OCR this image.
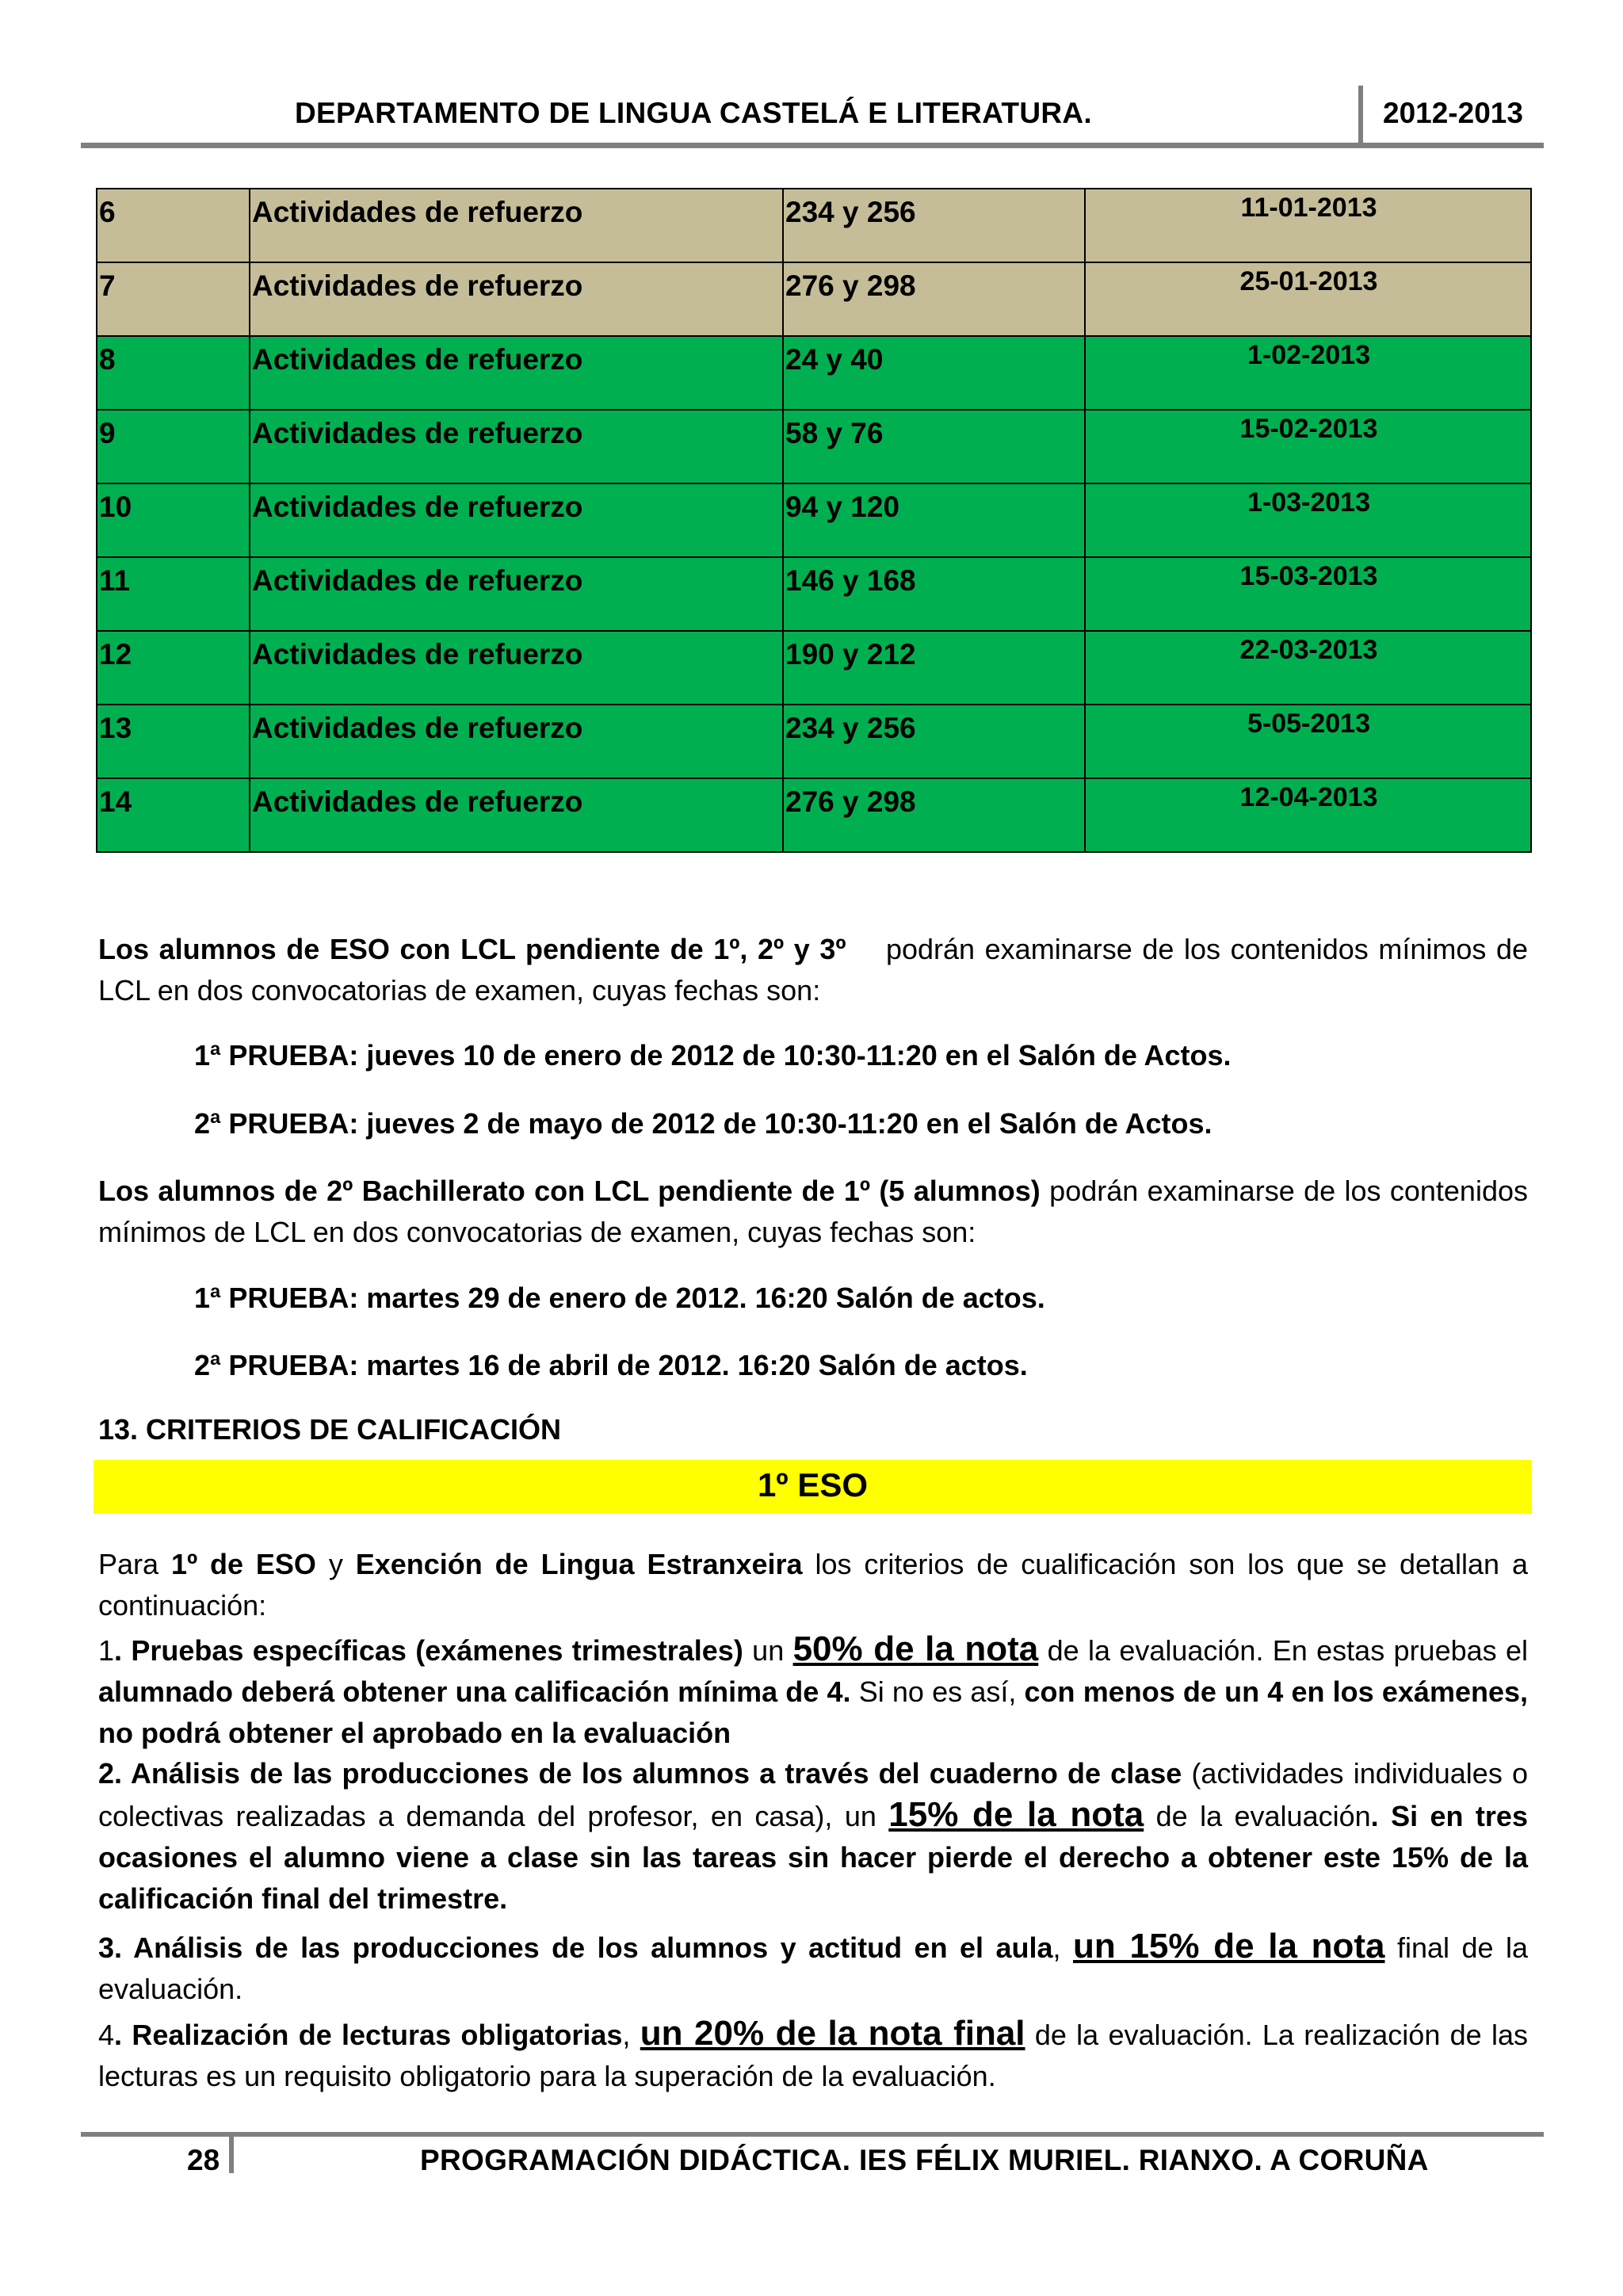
DEPARTAMENTO DE LINGUA CASTELÁ E LITERATURA.	2012-2013
6	Actividades de refuerzo	234 y 256	11-01-2013

7	Actividades de refuerzo	276 y 298	25-01-2013

8	Actividades de refuerzo	24 y 40	1-02-2013

9	Actividades de refuerzo	58 y 76	15-02-2013

10	Actividades de refuerzo	94 y 120	1-03-2013

11	Actividades de refuerzo	146 y 168	15-03-2013

12	Actividades de refuerzo	190 y 212	22-03-2013

13	Actividades de refuerzo	234 y 256	5-05-2013

14	Actividades de refuerzo	276 y 298	12-04-2013
Los alumnos de ESO con LCL pendiente de 1º, 2º y 3º podrán examinarse de los contenidos mínimos de LCL en dos convocatorias de examen, cuyas fechas son:
1ª PRUEBA: jueves 10 de enero de 2012 de 10:30-11:20 en el Salón de Actos.
2ª PRUEBA: jueves 2 de mayo de 2012 de 10:30-11:20 en el Salón de Actos.
Los alumnos de 2º Bachillerato con LCL pendiente de 1º (5 alumnos) podrán examinarse de los contenidos mínimos de LCL en dos convocatorias de examen, cuyas fechas son:
1ª PRUEBA: martes 29 de enero de 2012. 16:20 Salón de actos.
2ª PRUEBA: martes 16 de abril de 2012. 16:20 Salón de actos.
13. CRITERIOS DE CALIFICACIÓN
1º ESO
Para 1º de ESO y Exención de Lingua Estranxeira los criterios de cualificación son los que se detallan a continuación:
1. Pruebas específicas (exámenes trimestrales) un 50% de la nota de la evaluación. En estas pruebas el alumnado deberá obtener una calificación mínima de 4. Si no es así, con menos de un 4 en los exámenes, no podrá obtener el aprobado en la evaluación
2. Análisis de las producciones de los alumnos a través del cuaderno de clase (actividades individuales o colectivas realizadas a demanda del profesor, en casa), un 15% de la nota de la evaluación. Si en tres ocasiones el alumno viene a clase sin las tareas sin hacer pierde el derecho a obtener este 15% de la calificación final del trimestre.
3. Análisis de las producciones de los alumnos y actitud en el aula, un 15% de la nota final de la evaluación.
4. Realización de lecturas obligatorias, un 20% de la nota final de la evaluación. La realización de las lecturas es un requisito obligatorio para la superación de la evaluación.
28	PROGRAMACIÓN DIDÁCTICA. IES FÉLIX MURIEL. RIANXO. A CORUÑA
